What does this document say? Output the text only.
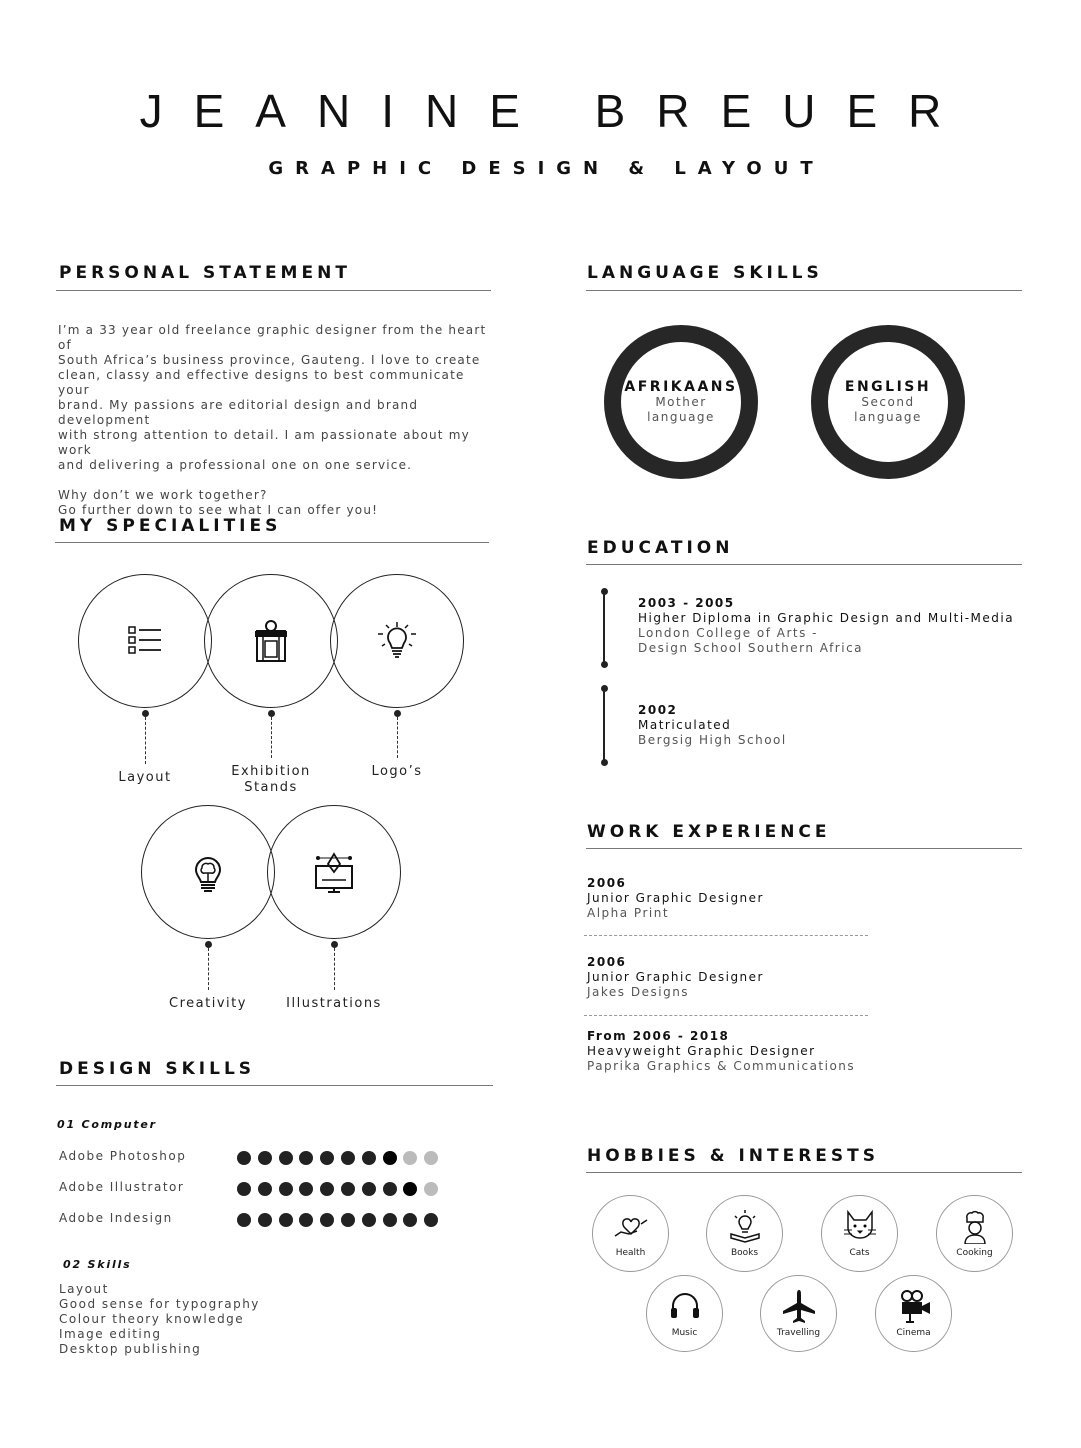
JEANINE BREUER
GRAPHIC DESIGN & LAYOUT
PERSONAL STATEMENT
I’m a 33 year old freelance graphic designer from the heart of
South Africa’s business province, Gauteng. I love to create
clean, classy and effective designs to best communicate your
brand. My passions are editorial design and brand development
with strong attention to detail. I am passionate about my work
and delivering a professional one on one service.
Why don’t we work together?
Go further down to see what I can offer you!
MY SPECIALITIES
Layout	Exhibition
Stands
Logo’s
Creativity	Illustrations
DESIGN SKILLS
01 Computer
Adobe Photoshop
Adobe Illustrator
Adobe Indesign
02 Skills
Layout
Good sense for typography
Colour theory knowledge
Image editing
Desktop publishing
LANGUAGE SKILLS
AFRIKAANS
Mother
language
ENGLISH
Second
language
EDUCATION
2003 - 2005
Higher Diploma in Graphic Design and Multi-Media
London College of Arts -
Design School Southern Africa
2002
Matriculated
Bergsig High School
WORK EXPERIENCE
2006
Junior Graphic Designer
Alpha Print
2006
Junior Graphic Designer
Jakes Designs
From 2006 - 2018
Heavyweight Graphic Designer
Paprika Graphics & Communications
HOBBIES & INTERESTS
Health	Books	Cats	Cooking
Music	Travelling	Cinema
